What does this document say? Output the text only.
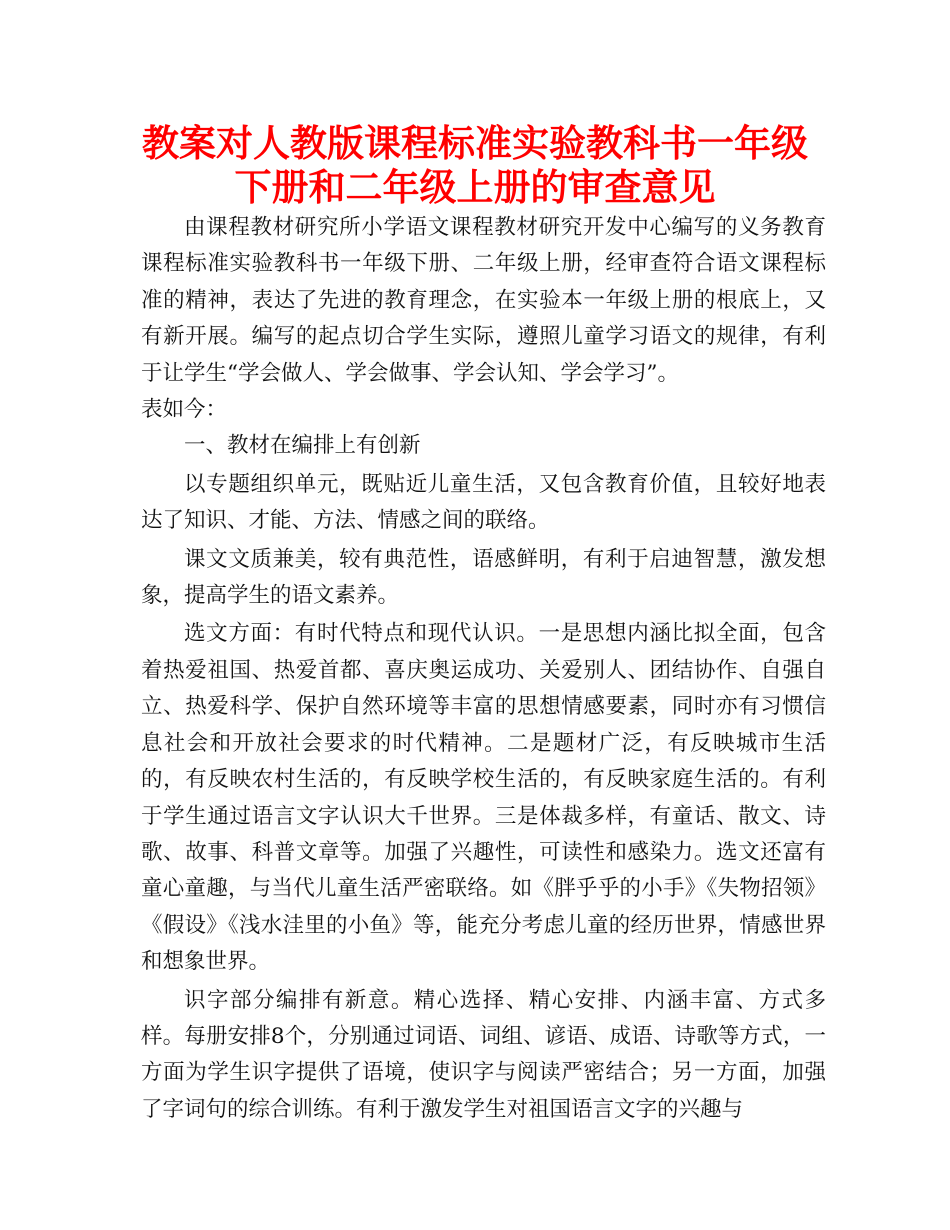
教案对人教版课程标准实验教科书一年级
下册和二年级上册的审查意见

由课程教材研究所小学语文课程教材研究开发中心编写的义务教育课程标准实验教科书一年级下册、二年级上册，经审查符合语文课程标准的精神，表达了先进的教育理念，在实验本一年级上册的根底上，又有新开展。编写的起点切合学生实际，遵照儿童学习语文的规律，有利于让学生“学会做人、学会做事、学会认知、学会学习”。

表如今：

一、教材在编排上有创新

以专题组织单元，既贴近儿童生活，又包含教育价值，且较好地表达了知识、才能、方法、情感之间的联络。

课文文质兼美，较有典范性，语感鲜明，有利于启迪智慧，激发想象，提高学生的语文素养。

选文方面：有时代特点和现代认识。一是思想内涵比拟全面，包含着热爱祖国、热爱首都、喜庆奥运成功、关爱别人、团结协作、自强自立、热爱科学、保护自然环境等丰富的思想情感要素，同时亦有习惯信息社会和开放社会要求的时代精神。二是题材广泛，有反映城市生活的，有反映农村生活的，有反映学校生活的，有反映家庭生活的。有利于学生通过语言文字认识大千世界。三是体裁多样，有童话、散文、诗歌、故事、科普文章等。加强了兴趣性，可读性和感染力。选文还富有童心童趣，与当代儿童生活严密联络。如《胖乎乎的小手》《失物招领》《假设》《浅水洼里的小鱼》等，能充分考虑儿童的经历世界，情感世界和想象世界。

识字部分编排有新意。精心选择、精心安排、内涵丰富、方式多样。每册安排8个，分别通过词语、词组、谚语、成语、诗歌等方式，一方面为学生识字提供了语境，使识字与阅读严密结合；另一方面，加强了字词句的综合训练。有利于激发学生对祖国语言文字的兴趣与
